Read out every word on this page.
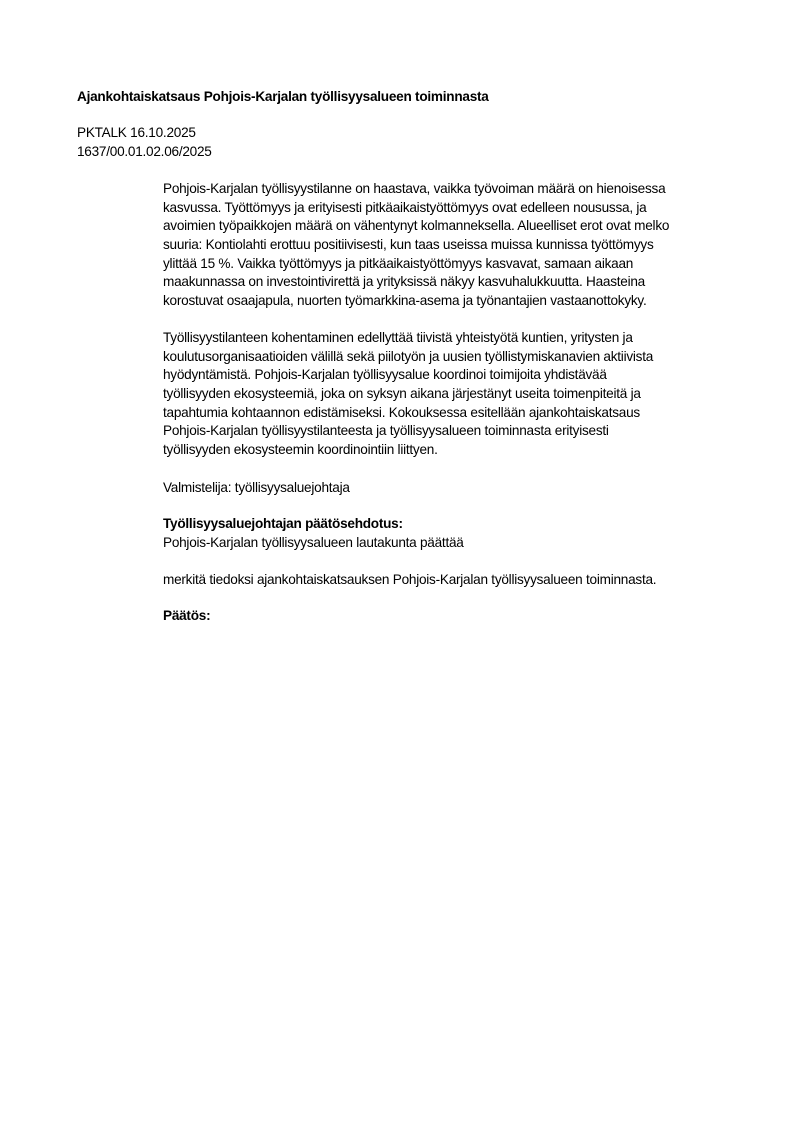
Ajankohtaiskatsaus Pohjois-Karjalan työllisyysalueen toiminnasta
PKTALK 16.10.2025
1637/00.01.02.06/2025
Pohjois-Karjalan työllisyystilanne on haastava, vaikka työvoiman määrä on hienoisessa
kasvussa. Työttömyys ja erityisesti pitkäaikaistyöttömyys ovat edelleen nousussa, ja
avoimien työpaikkojen määrä on vähentynyt kolmanneksella. Alueelliset erot ovat melko
suuria: Kontiolahti erottuu positiivisesti, kun taas useissa muissa kunnissa työttömyys
ylittää 15 %. Vaikka työttömyys ja pitkäaikaistyöttömyys kasvavat, samaan aikaan
maakunnassa on investointivirettä ja yrityksissä näkyy kasvuhalukkuutta. Haasteina
korostuvat osaajapula, nuorten työmarkkina-asema ja työnantajien vastaanottokyky.
Työllisyystilanteen kohentaminen edellyttää tiivistä yhteistyötä kuntien, yritysten ja
koulutusorganisaatioiden välillä sekä piilotyön ja uusien työllistymiskanavien aktiivista
hyödyntämistä. Pohjois-Karjalan työllisyysalue koordinoi toimijoita yhdistävää
työllisyyden ekosysteemiä, joka on syksyn aikana järjestänyt useita toimenpiteitä ja
tapahtumia kohtaannon edistämiseksi. Kokouksessa esitellään ajankohtaiskatsaus
Pohjois-Karjalan työllisyystilanteesta ja työllisyysalueen toiminnasta erityisesti
työllisyyden ekosysteemin koordinointiin liittyen.
Valmistelija: työllisyysaluejohtaja
Työllisyysaluejohtajan päätösehdotus:
Pohjois-Karjalan työllisyysalueen lautakunta päättää
merkitä tiedoksi ajankohtaiskatsauksen Pohjois-Karjalan työllisyysalueen toiminnasta.
Päätös:
